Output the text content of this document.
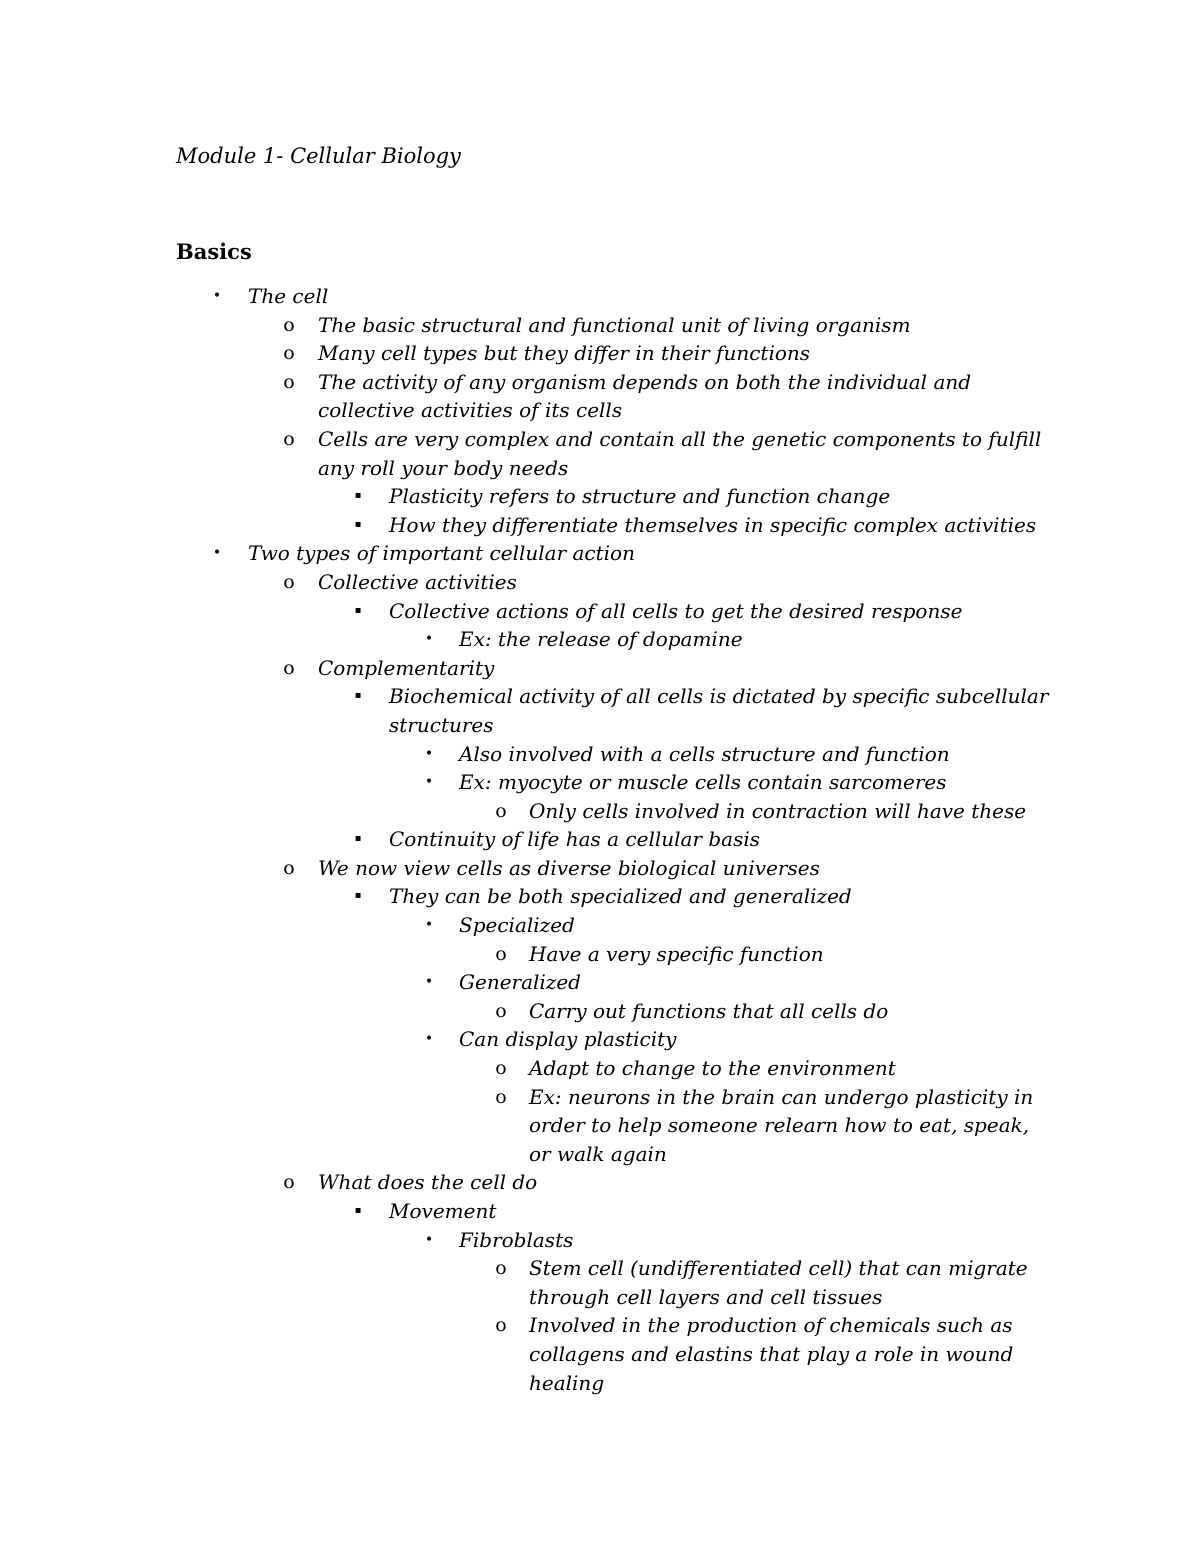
Module 1- Cellular Biology
Basics
• The cell
o The basic structural and functional unit of living organism
o Many cell types but they differ in their functions
o The activity of any organism depends on both the individual and
collective activities of its cells
o Cells are very complex and contain all the genetic components to fulfill
any roll your body needs
▪	Plasticity refers to structure and function change
▪	How they differentiate themselves in specific complex activities
• Two types of important cellular action
o Collective activities
▪	Collective actions of all cells to get the desired response
• Ex: the release of dopamine
o Complementarity
▪	Biochemical activity of all cells is dictated by specific subcellular
structures
• Also involved with a cells structure and function
• Ex: myocyte or muscle cells contain sarcomeres
o Only cells involved in contraction will have these
▪	Continuity of life has a cellular basis
o We now view cells as diverse biological universes
▪	They can be both specialized and generalized
• Specialized
o Have a very specific function
• Generalized
o Carry out functions that all cells do
• Can display plasticity
o Adapt to change to the environment
o Ex: neurons in the brain can undergo plasticity in
order to help someone relearn how to eat, speak,
or walk again
o What does the cell do
▪	Movement
• Fibroblasts
o Stem cell (undifferentiated cell) that can migrate
through cell layers and cell tissues
o Involved in the production of chemicals such as
collagens and elastins that play a role in wound
healing
